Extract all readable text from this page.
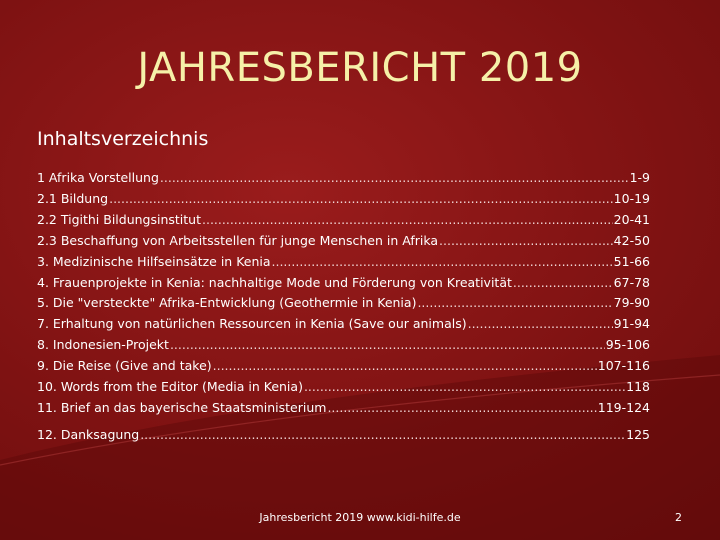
JAHRESBERICHT 2019
Inhaltsverzeichnis
1 Afrika Vorstellung .....	1-9
2.1 Bildung .....	10-19
2.2 Tigithi Bildungsinstitut .....	20-41
2.3 Beschaffung von Arbeitsstellen für junge Menschen in Afrika .....	42-50
3. Medizinische Hilfseinsätze in Kenia .....	51-66
4. Frauenprojekte in Kenia: nachhaltige Mode und Förderung von Kreativität .....	67-78
5. Die "versteckte" Afrika-Entwicklung (Geothermie in Kenia) .....	79-90
7. Erhaltung von natürlichen Ressourcen in Kenia (Save our animals) .....	91-94
8. Indonesien-Projekt .....	95-106
9. Die Reise (Give and take) .....	107-116
10. Words from the Editor (Media in Kenia) .....	118
11. Brief an das bayerische Staatsministerium .....	119-124
12. Danksagung .....	125
Jahresbericht 2019 www.kidi-hilfe.de	2
